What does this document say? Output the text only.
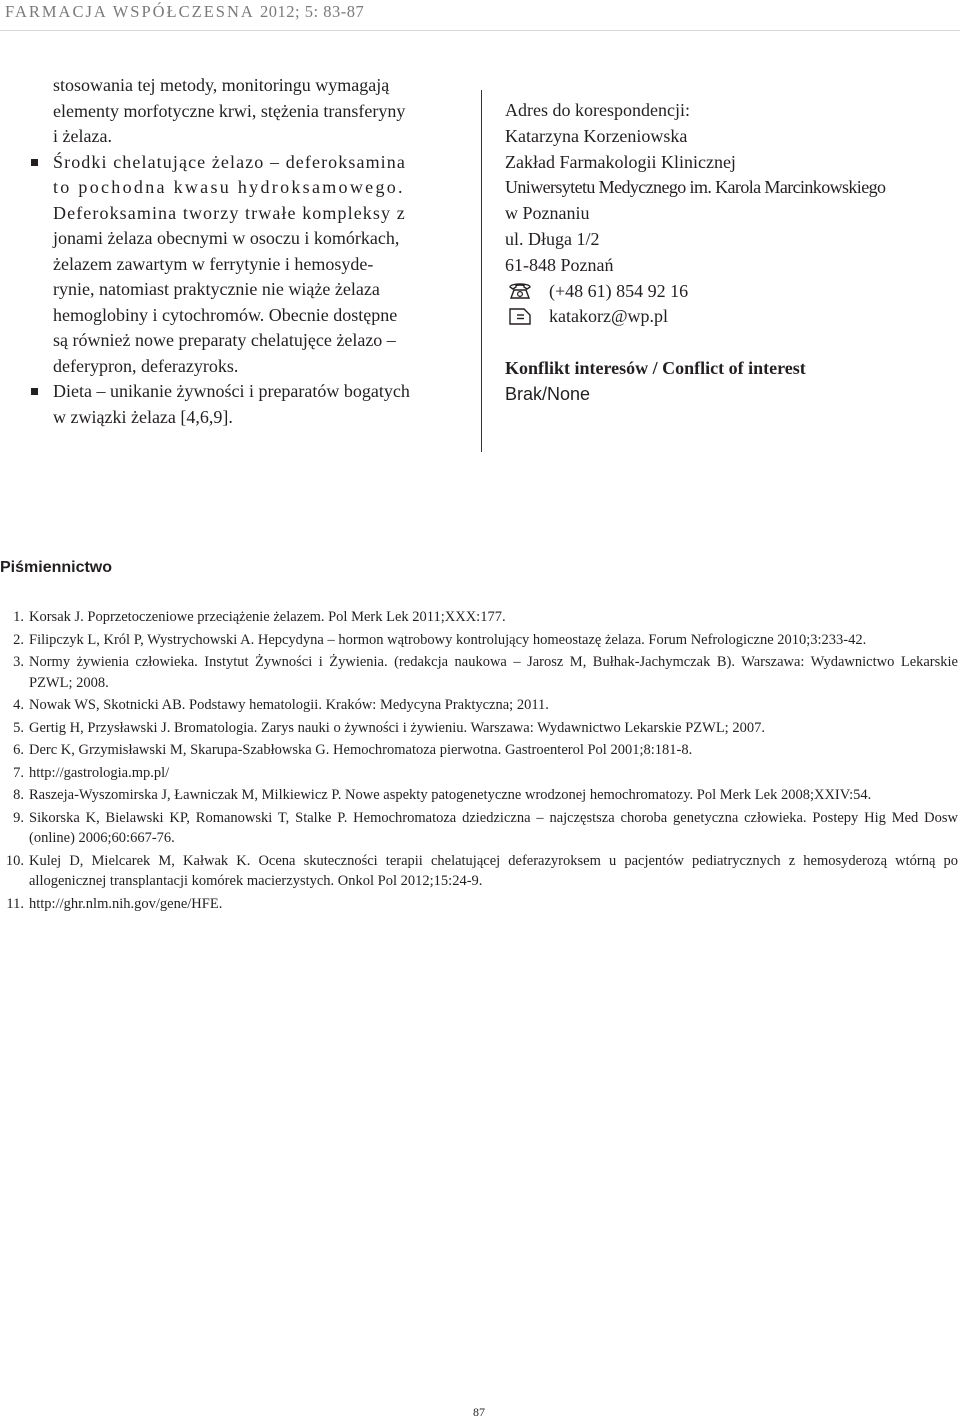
FARMACJA WSPÓŁCZESNA 2012; 5: 83-87

stosowania tej metody, monitoringu wymagają

elementy morfotyczne krwi, stężenia transferyny

i żelaza.

Środki chelatujące żelazo – deferoksamina

to pochodna kwasu hydroksamowego.

Deferoksamina tworzy trwałe kompleksy z

jonami żelaza obecnymi w osoczu i komórkach,

żelazem zawartym w ferrytynie i hemosyde-

rynie, natomiast praktycznie nie wiąże żelaza

hemoglobiny i cytochromów. Obecnie dostępne

są również nowe preparaty chelatujęce żelazo –

deferypron, deferazyroks.

Dieta – unikanie żywności i preparatów bogatych

w związki żelaza [4,6,9].

Adres do korespondencji:
Katarzyna Korzeniowska
Zakład Farmakologii Klinicznej
Uniwersytetu Medycznego im. Karola Marcinkowskiego
w Poznaniu
ul. Długa 1/2
61-848 Poznań
(+48 61) 854 92 16
katakorz@wp.pl
Konflikt interesów / Conflict of interest
Brak/None
Piśmiennictwo
1. Korsak J. Poprzetoczeniowe przeciążenie żelazem. Pol Merk Lek 2011;XXX:177.
2. Filipczyk L, Król P, Wystrychowski A. Hepcydyna – hormon wątrobowy kontrolujący homeostazę żelaza. Forum Nefrologiczne 2010;3:233-42.
3. Normy żywienia człowieka. Instytut Żywności i Żywienia. (redakcja naukowa – Jarosz M, Bułhak-Jachymczak B). Warszawa: Wydawnictwo Lekarskie PZWL; 2008.
4. Nowak WS, Skotnicki AB. Podstawy hematologii. Kraków: Medycyna Praktyczna; 2011.
5. Gertig H, Przysławski J. Bromatologia. Zarys nauki o żywności i żywieniu. Warszawa: Wydawnictwo Lekarskie PZWL; 2007.
6. Derc K, Grzymisławski M, Skarupa-Szabłowska G. Hemochromatoza pierwotna. Gastroenterol Pol 2001;8:181-8.
7. http://gastrologia.mp.pl/
8. Raszeja-Wyszomirska J, Ławniczak M, Milkiewicz P. Nowe aspekty patogenetyczne wrodzonej hemochromatozy. Pol Merk Lek 2008;XXIV:54.
9. Sikorska K, Bielawski KP, Romanowski T, Stalke P. Hemochromatoza dziedziczna – najczęstsza choroba genetyczna człowieka. Postepy Hig Med Dosw (online) 2006;60:667-76.
10. Kulej D, Mielcarek M, Kałwak K. Ocena skuteczności terapii chelatującej deferazyroksem u pacjentów pediatrycznych z hemosyderozą wtórną po allogenicznej transplantacji komórek macierzystych. Onkol Pol 2012;15:24-9.
11. http://ghr.nlm.nih.gov/gene/HFE.
87
